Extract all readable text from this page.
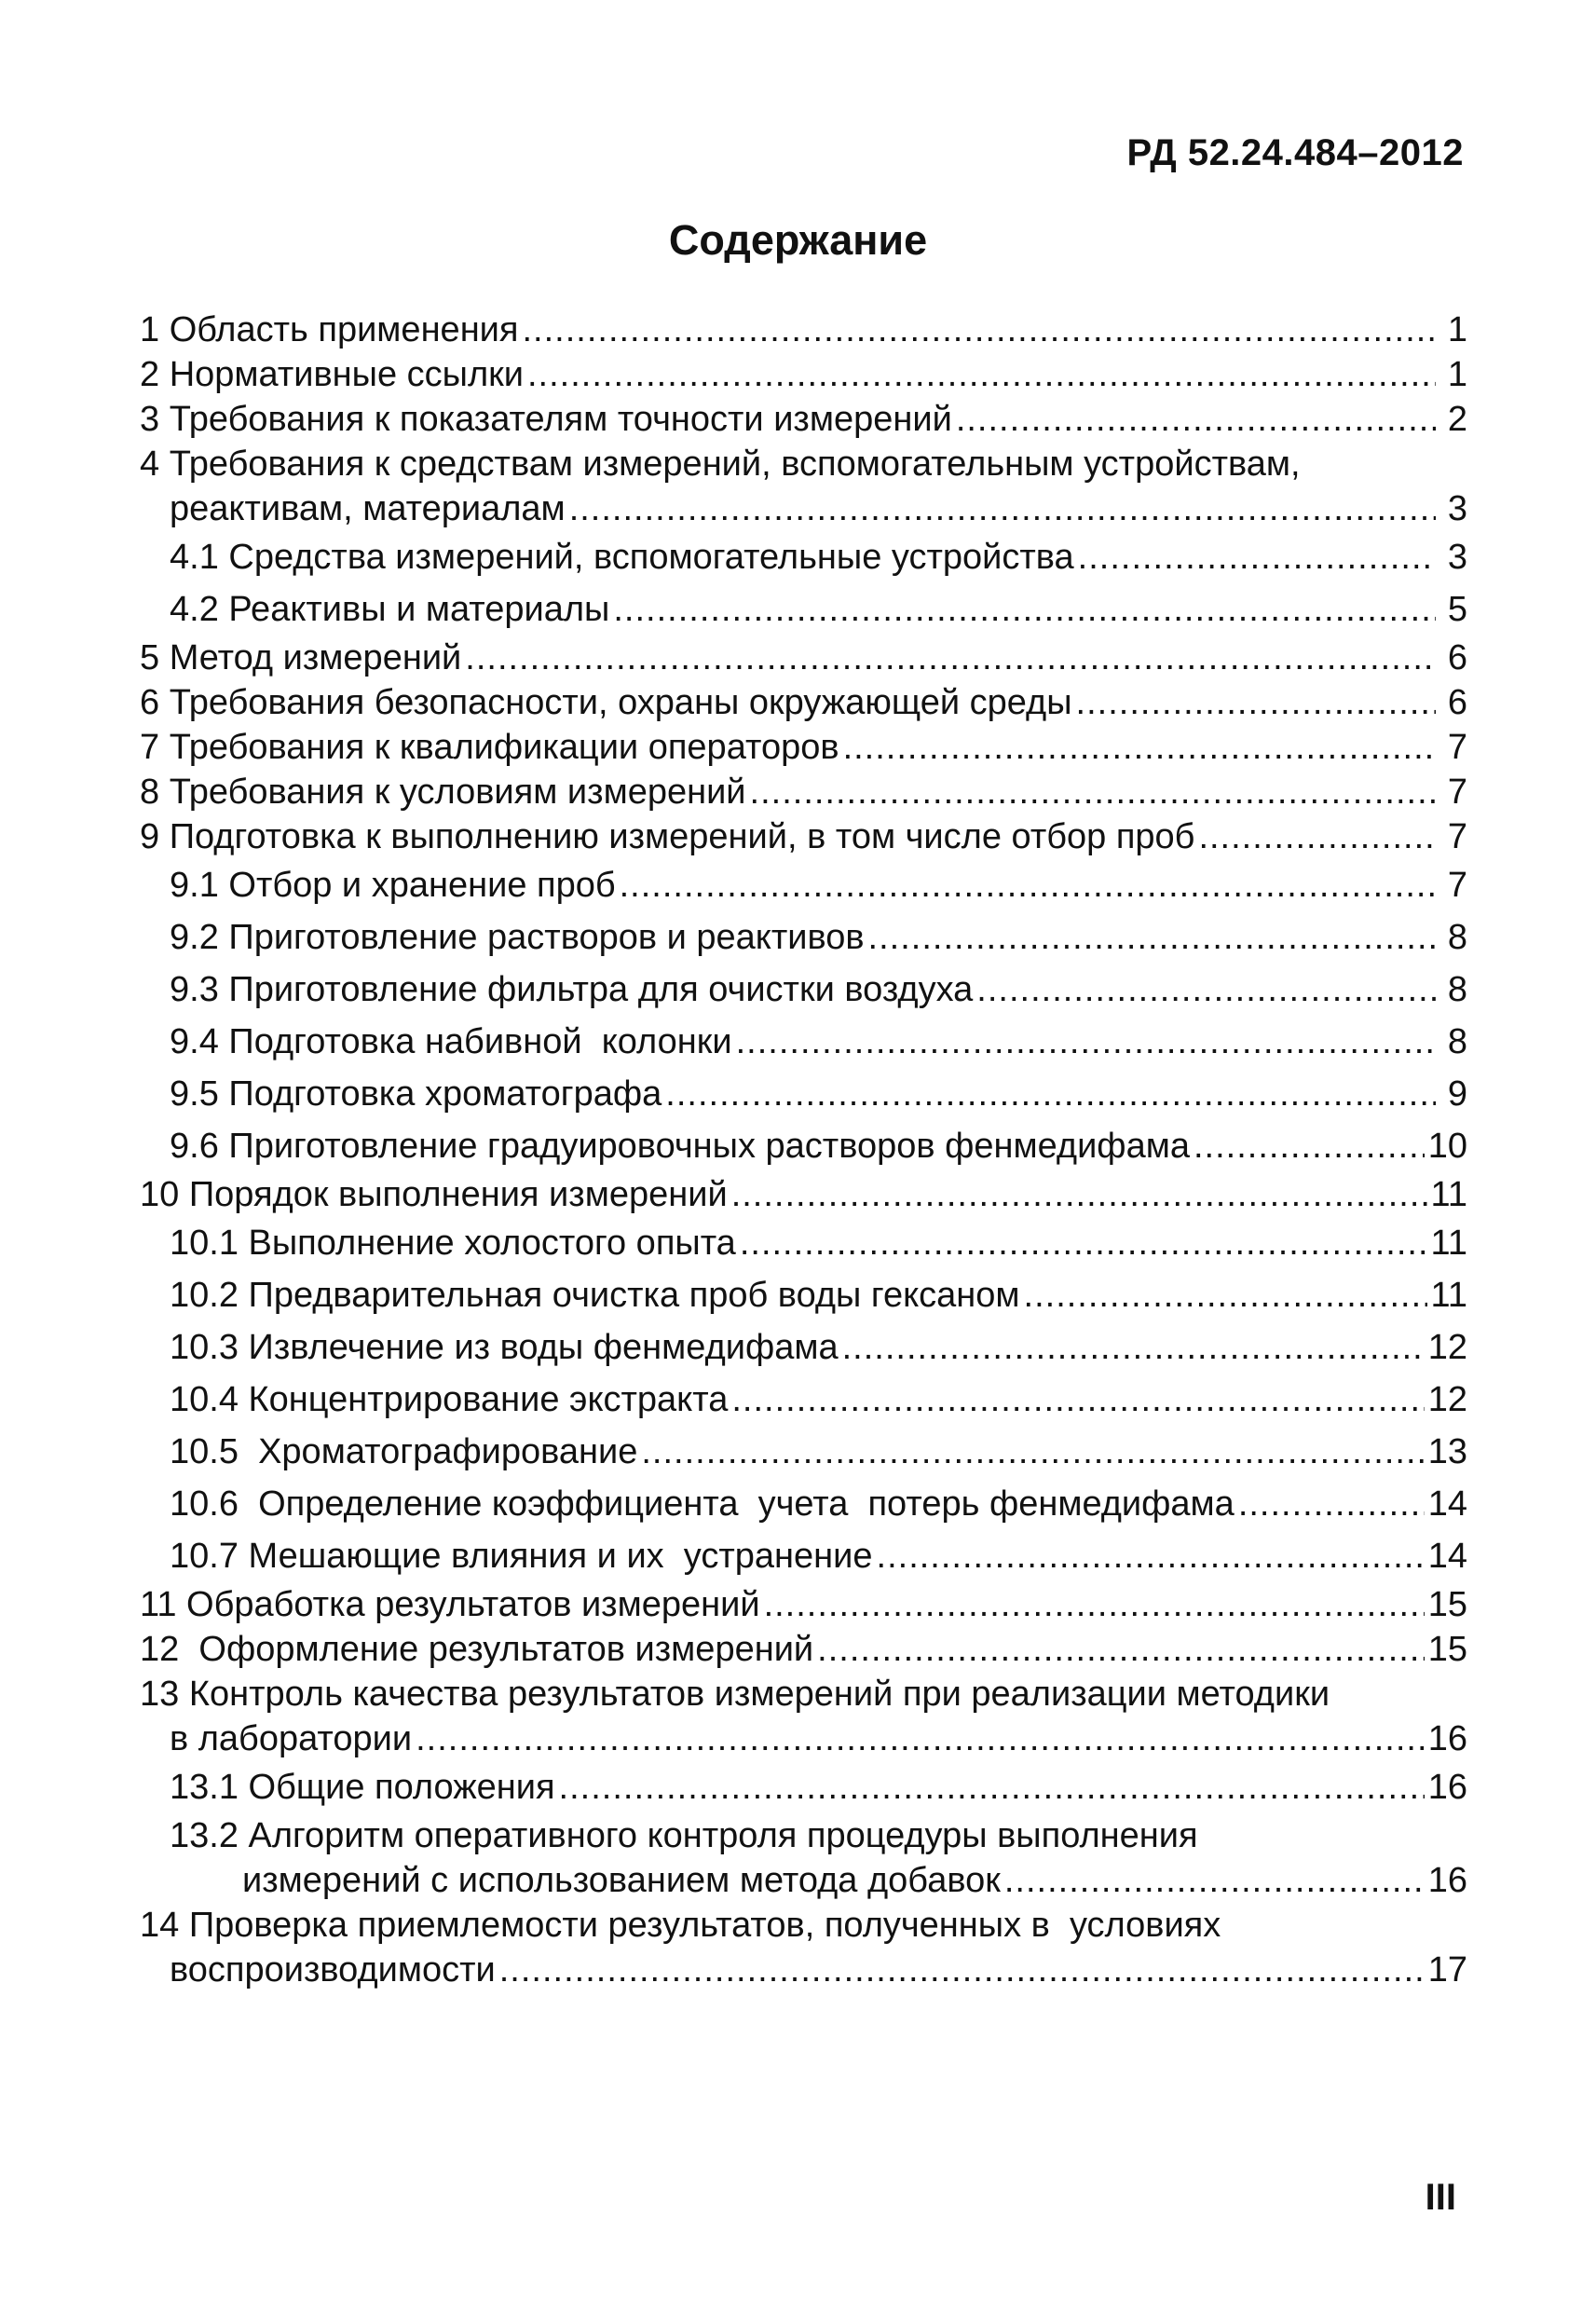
РД 52.24.484–2012
Содержание
1 Область применения .....	1
2 Нормативные ссылки .....	1
3 Требования к показателям точности измерений .....	2
4 Требования к средствам измерений, вспомогательным устройствам,
реактивам, материалам .....	3
4.1 Средства измерений, вспомогательные устройства .....	3
4.2 Реактивы и материалы .....	5
5 Метод измерений .....	6
6 Требования безопасности, охраны окружающей среды .....	6
7 Требования к квалификации операторов .....	7
8 Требования к условиям измерений .....	7
9 Подготовка к выполнению измерений, в том числе отбор проб .....	7
9.1 Отбор и хранение проб .....	7
9.2 Приготовление растворов и реактивов .....	8
9.3 Приготовление фильтра для очистки воздуха .....	8
9.4 Подготовка набивной  колонки .....	8
9.5 Подготовка хроматографа .....	9
9.6 Приготовление градуировочных растворов фенмедифама .....	10
10 Порядок выполнения измерений .....	11
10.1 Выполнение холостого опыта .....	11
10.2 Предварительная очистка проб воды гексаном .....	11
10.3 Извлечение из воды фенмедифама .....	12
10.4 Концентрирование экстракта .....	12
10.5  Хроматографирование .....	13
10.6  Определение коэффициента  учета  потерь фенмедифама .....	14
10.7 Мешающие влияния и их  устранение .....	14
11 Обработка результатов измерений .....	15
12  Оформление результатов измерений .....	15
13 Контроль качества результатов измерений при реализации методики
в лаборатории .....	16
13.1 Общие положения .....	16
13.2 Алгоритм оперативного контроля процедуры выполнения
измерений с использованием метода добавок .....	16
14 Проверка приемлемости результатов, полученных в  условиях
воспроизводимости .....	17
III
